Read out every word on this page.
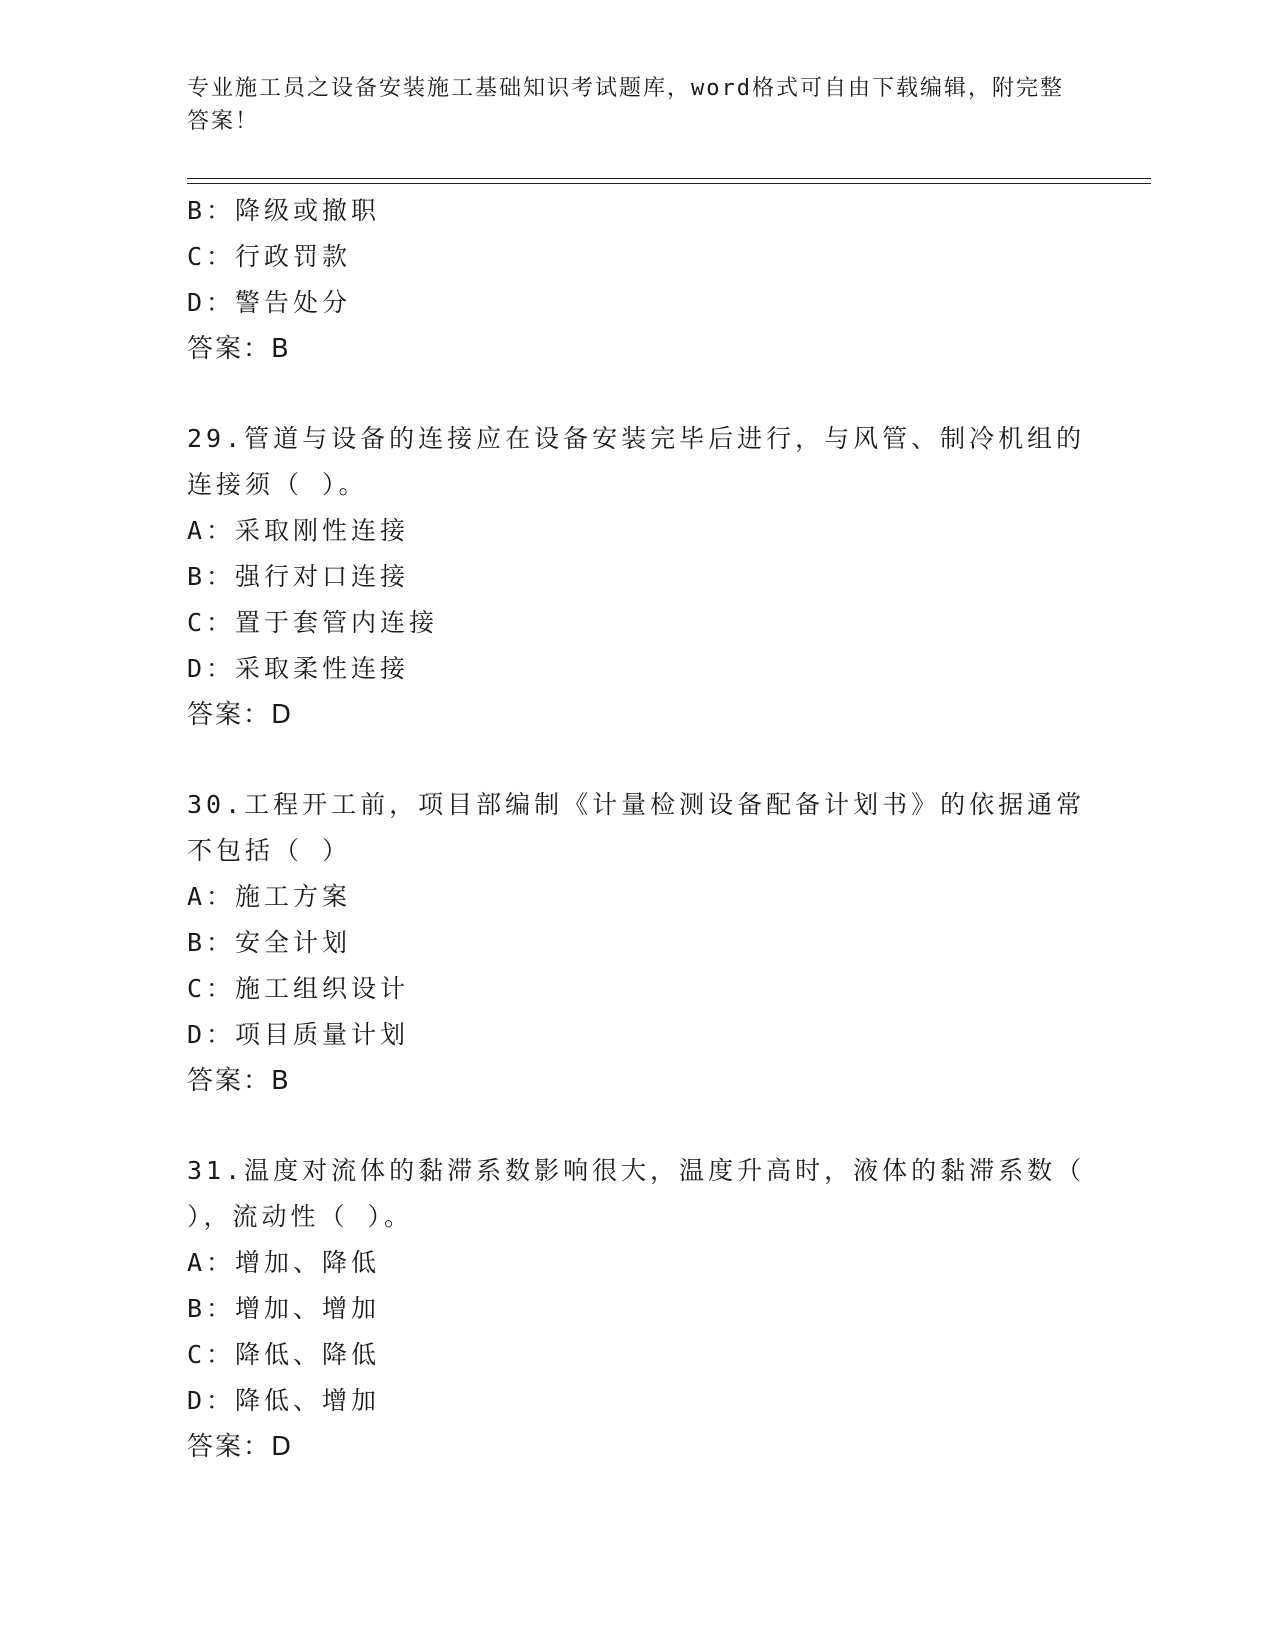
专业施工员之设备安装施工基础知识考试题库，word格式可自由下载编辑，附完整答案！
B：降级或撤职
C：行政罚款
D：警告处分
答案：B
29.管道与设备的连接应在设备安装完毕后进行，与风管、制冷机组的连接须（ ）。
A：采取刚性连接
B：强行对口连接
C：置于套管内连接
D：采取柔性连接
答案：D
30.工程开工前，项目部编制《计量检测设备配备计划书》的依据通常不包括（ ）
A：施工方案
B：安全计划
C：施工组织设计
D：项目质量计划
答案：B
31.温度对流体的黏滞系数影响很大，温度升高时，液体的黏滞系数（ ），流动性（ ）。
A：增加、降低
B：增加、增加
C：降低、降低
D：降低、增加
答案：D
